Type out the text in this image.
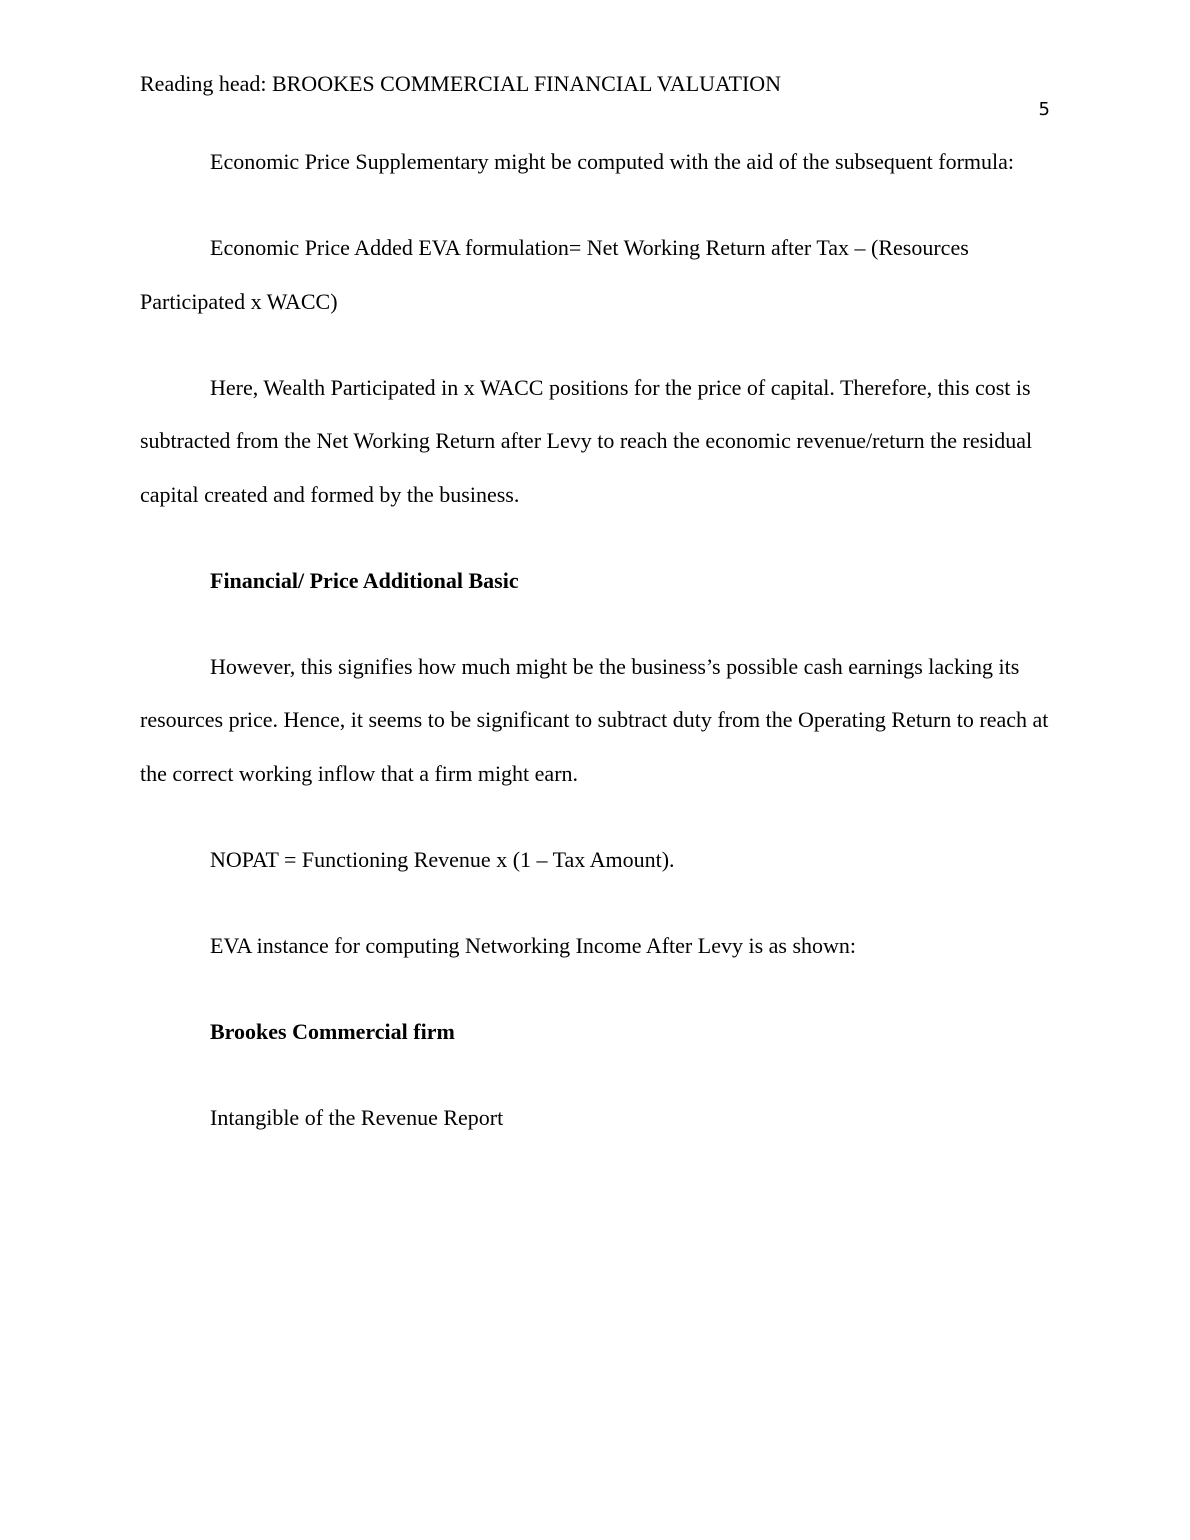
Reading head: BROOKES COMMERCIAL FINANCIAL VALUATION
5

Economic Price Supplementary might be computed with the aid of the subsequent formula:

Economic Price Added EVA formulation= Net Working Return after Tax – (Resources Participated x WACC)

Here, Wealth Participated in x WACC positions for the price of capital. Therefore, this cost is subtracted from the Net Working Return after Levy to reach the economic revenue/return the residual capital created and formed by the business.

Financial/ Price Additional Basic

However, this signifies how much might be the business’s possible cash earnings lacking its resources price. Hence, it seems to be significant to subtract duty from the Operating Return to reach at the correct working inflow that a firm might earn.

NOPAT = Functioning Revenue x (1 – Tax Amount).

EVA instance for computing Networking Income After Levy is as shown:

Brookes Commercial firm

Intangible of the Revenue Report
